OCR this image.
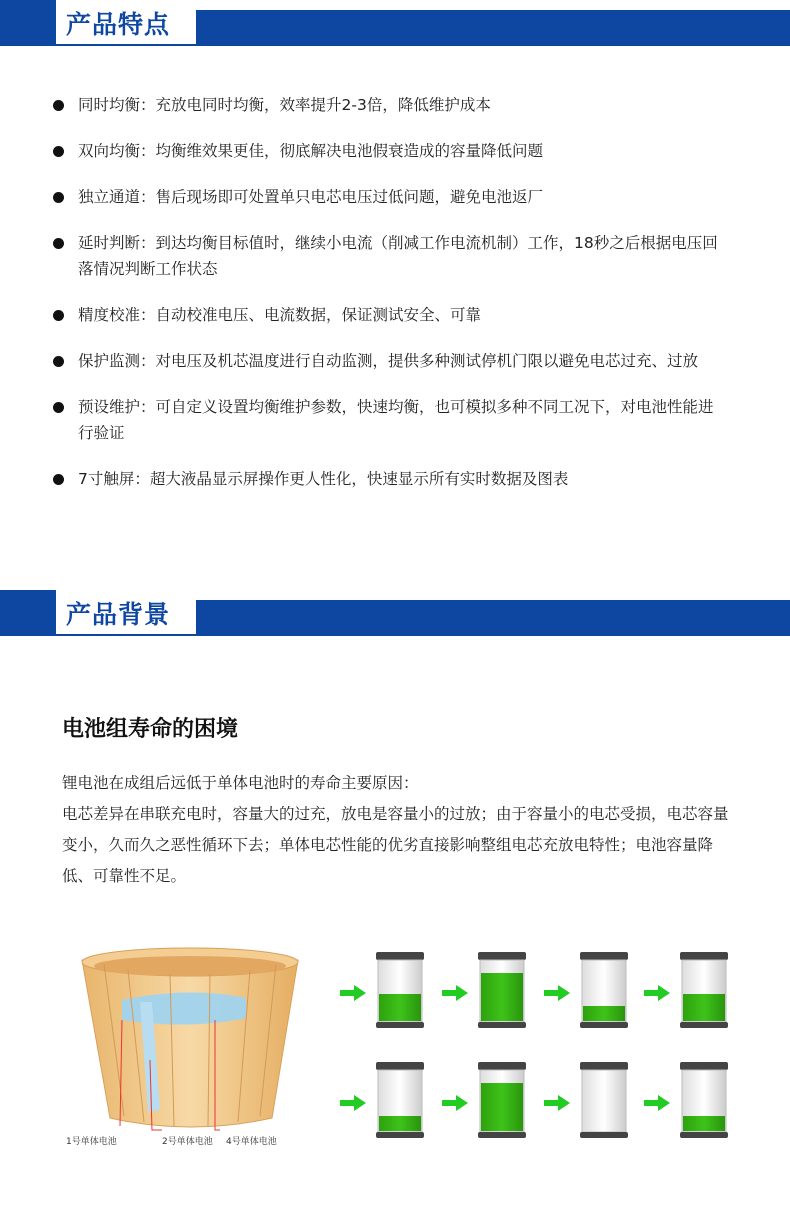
产品特点
同时均衡：充放电同时均衡，效率提升2-3倍，降低维护成本
双向均衡：均衡维效果更佳，彻底解决电池假衰造成的容量降低问题
独立通道：售后现场即可处置单只电芯电压过低问题，避免电池返厂
延时判断：到达均衡目标值时，继续小电流（削减工作电流机制）工作，18秒之后根据电压回落情况判断工作状态
精度校准：自动校准电压、电流数据，保证测试安全、可靠
保护监测：对电压及机芯温度进行自动监测，提供多种测试停机门限以避免电芯过充、过放
预设维护：可自定义设置均衡维护参数，快速均衡，也可模拟多种不同工况下，对电池性能进行验证
7寸触屏：超大液晶显示屏操作更人性化，快速显示所有实时数据及图表
产品背景
电池组寿命的困境

锂电池在成组后远低于单体电池时的寿命主要原因：

电芯差异在串联充电时，容量大的过充，放电是容量小的过放；由于容量小的电芯受损，电芯容量变小，久而久之恶性循环下去；单体电芯性能的优劣直接影响整组电芯充放电特性；电池容量降低、可靠性不足。

1号单体电池	2号单体电池 4号单体电池
